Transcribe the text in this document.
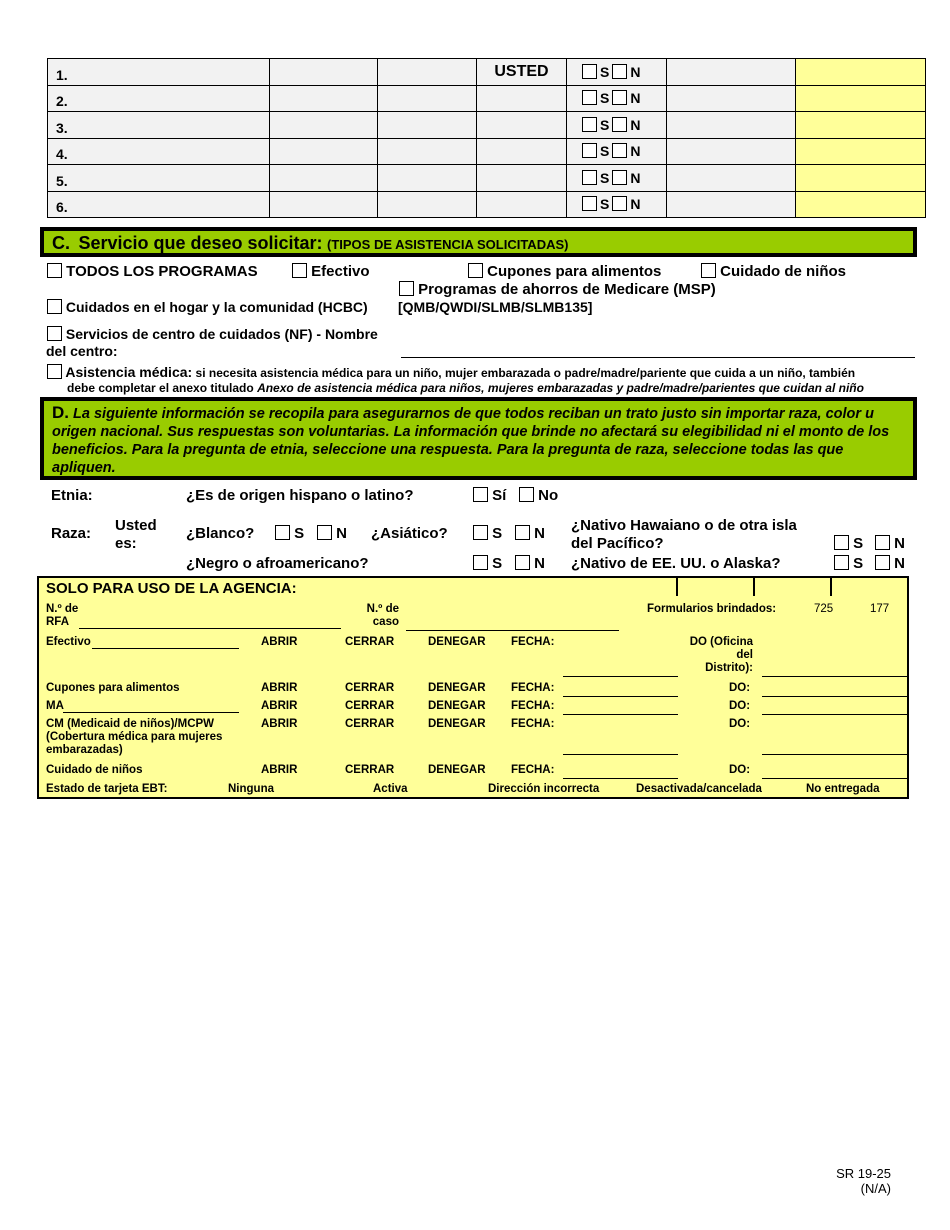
1.			USTED	S N		
2.				S N		
3.				S N		
4.				S N		
5.				S N		
6.				S N		
C. Servicio que deseo solicitar: (TIPOS DE ASISTENCIA SOLICITADAS)
TODOS LOS PROGRAMAS	Efectivo	Cupones para alimentos	Cuidado de niños
Programas de ahorros de Medicare (MSP)
Cuidados en el hogar y la comunidad (HCBC) [QMB/QWDI/SLMB/SLMB135]
Servicios de centro de cuidados (NF) - Nombre
del centro:
Asistencia médica: si necesita asistencia médica para un niño, mujer embarazada o padre/madre/pariente que cuida a un niño, también
debe completar el anexo titulado Anexo de asistencia médica para niños, mujeres embarazadas y padre/madre/parientes que cuidan al niño
D. La siguiente información se recopila para asegurarnos de que todos reciban un trato justo sin importar raza, color u origen nacional. Sus respuestas son voluntarias. La información que brinde no afectará su elegibilidad ni el monto de los beneficios. Para la pregunta de etnia, seleccione una respuesta. Para la pregunta de raza, seleccione todas las que apliquen.
Etnia:	¿Es de origen hispano o latino?	Sí	No
Raza: Usted
es:
¿Blanco?	S	N ¿Asiático?	S	N ¿Nativo Hawaiano o de otra isla
del Pacífico?	S	N
¿Negro o afroamericano?	S	N ¿Nativo de EE. UU. o Alaska?	S	N
SOLO PARA USO DE LA AGENCIA:
N.º de
RFA
N.º de
caso
Formularios brindados:	725	177
Efectivo	ABRIR	CERRAR	DENEGAR FECHA:	DO (Oficina
del
Distrito):
Cupones para alimentos	ABRIR	CERRAR	DENEGAR FECHA:	DO:
MA	ABRIR	CERRAR	DENEGAR FECHA:	DO:
CM (Medicaid de niños)/MCPW
(Cobertura médica para mujeres
embarazadas)
ABRIR	CERRAR	DENEGAR FECHA:	DO:
Cuidado de niños	ABRIR	CERRAR	DENEGAR FECHA:	DO:
Estado de tarjeta EBT:	Ninguna	Activa	Dirección incorrecta	Desactivada/cancelada	No entregada
SR 19-25
(N/A)
